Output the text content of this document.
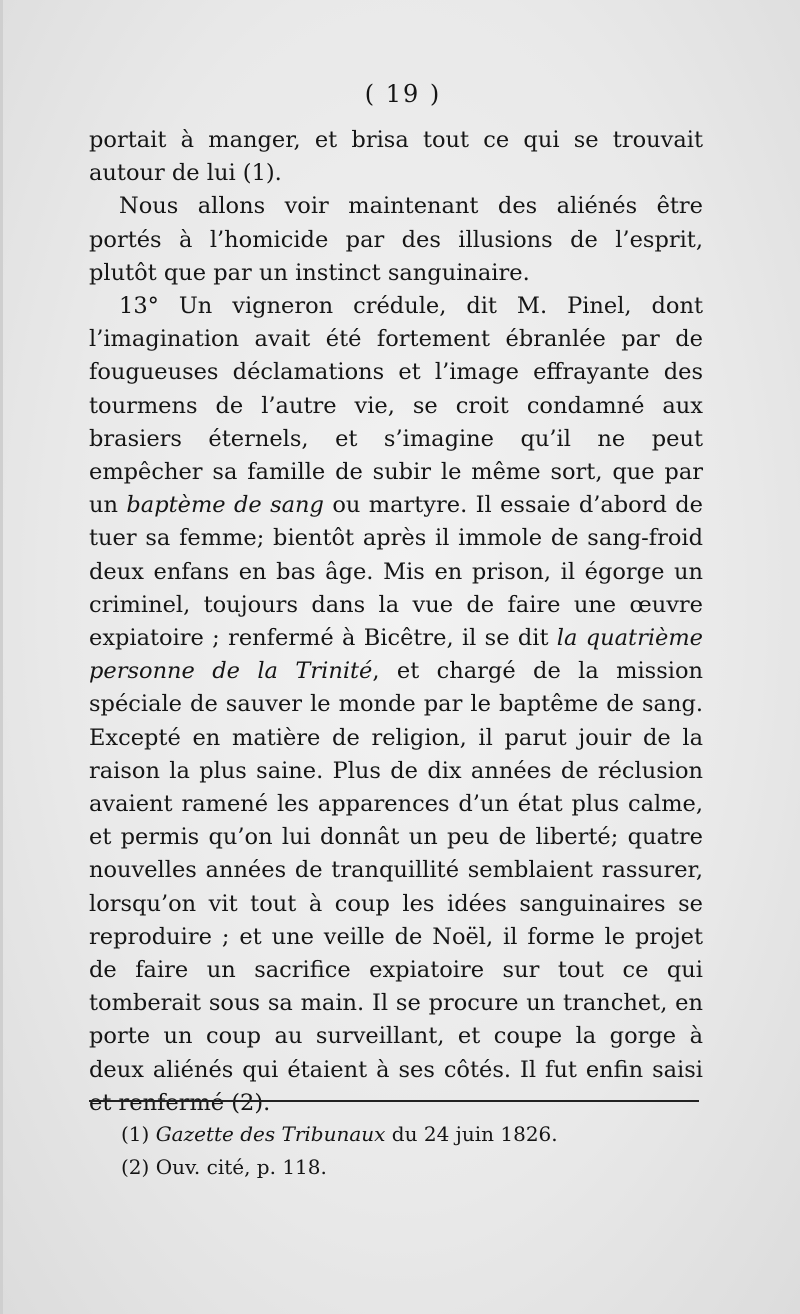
( 19 )

portait à manger, et brisa tout ce qui se trouvait autour de lui (1).

Nous allons voir maintenant des aliénés être portés à l’homicide par des illusions de l’esprit, plutôt que par un instinct sanguinaire.

13° Un vigneron crédule, dit M. Pinel, dont l’imagination avait été fortement ébranlée par de fougueuses déclamations et l’image effrayante des tourmens de l’autre vie, se croit condamné aux brasiers éternels, et s’imagine qu’il ne peut empêcher sa famille de subir le même sort, que par un baptème de sang ou martyre. Il essaie d’abord de tuer sa femme; bientôt après il immole de sang-froid deux enfans en bas âge. Mis en prison, il égorge un criminel, toujours dans la vue de faire une œuvre expiatoire ; renfermé à Bicêtre, il se dit la quatrième personne de la Trinité, et chargé de la mission spéciale de sauver le monde par le baptême de sang. Excepté en matière de religion, il parut jouir de la raison la plus saine. Plus de dix années de réclusion avaient ramené les apparences d’un état plus calme, et permis qu’on lui donnât un peu de liberté; quatre nouvelles années de tranquillité semblaient rassurer, lorsqu’on vit tout à coup les idées sanguinaires se reproduire ; et une veille de Noël, il forme le projet de faire un sacrifice expiatoire sur tout ce qui tomberait sous sa main. Il se procure un tranchet, en porte un coup au surveillant, et coupe la gorge à deux aliénés qui étaient à ses côtés. Il fut enfin saisi et renfermé (2).

(1) Gazette des Tribunaux du 24 juin 1826.
(2) Ouv. cité, p. 118.
